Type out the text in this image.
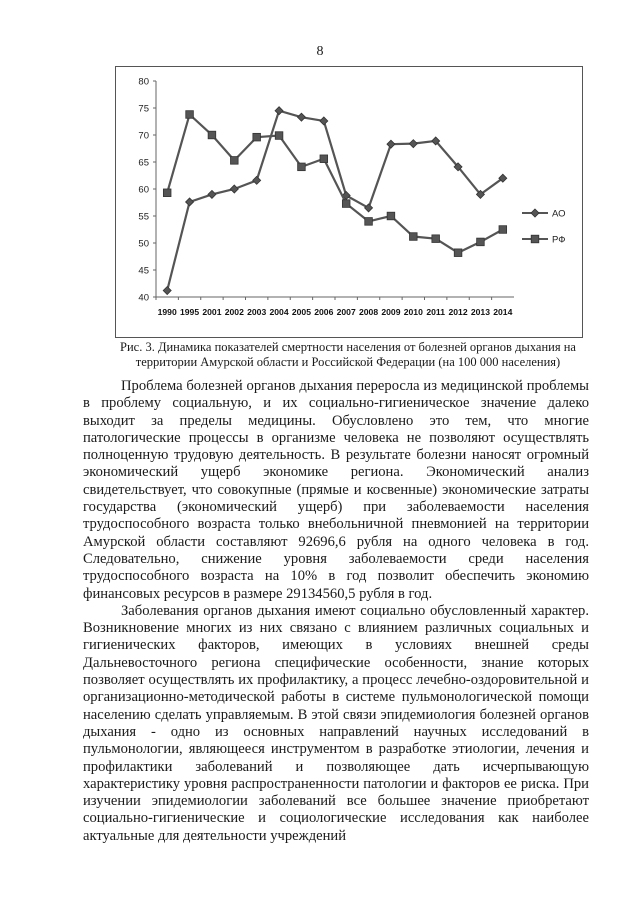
8
40
45
50
55
60
65
70
75
80
1990 1995 2001 2002 2003 2004 2005 2006 2007 2008 2009 2010 2011 2012 2013 2014
АО
РФ
Рис. 3. Динамика показателей смертности населения от болезней органов дыхания на
территории Амурской области и Российской Федерации (на 100 000 населения)

Проблема болезней органов дыхания переросла из медицинской проблемы в проблему социальную, и их социально-гигиеническое значение далеко выходит за пределы медицины. Обусловлено это тем, что многие патологические процессы в организме человека не позволяют осуществлять полноценную трудовую деятельность. В результате болезни наносят огромный экономический ущерб экономике региона. Экономический анализ свидетельствует, что совокупные (прямые и косвенные) экономические затраты государства (экономический ущерб) при заболеваемости населения трудоспособного возраста только внебольничной пневмонией на территории Амурской области составляют 92696,6 рубля на одного человека в год. Следовательно, снижение уровня заболеваемости среди населения трудоспособного возраста на 10% в год позволит обеспечить экономию финансовых ресурсов в размере 29134560,5 рубля в год.

Заболевания органов дыхания имеют социально обусловленный характер. Возникновение многих из них связано с влиянием различных социальных и гигиенических факторов, имеющих в условиях внешней среды Дальневосточного региона специфические особенности, знание которых позволяет осуществлять их профилактику, а процесс лечебно-оздоровительной и организационно-методической работы в системе пульмонологической помощи населению сделать управляемым. В этой связи эпидемиология болезней органов дыхания - одно из основных направлений научных исследований в пульмонологии, являющееся инструментом в разработке этиологии, лечения и профилактики заболеваний и позволяющее дать исчерпывающую характеристику уровня распространенности патологии и факторов ее риска. При изучении эпидемиологии заболеваний все большее значение приобретают социально-гигиенические и социологические исследования как наиболее актуальные для деятельности учреждений
